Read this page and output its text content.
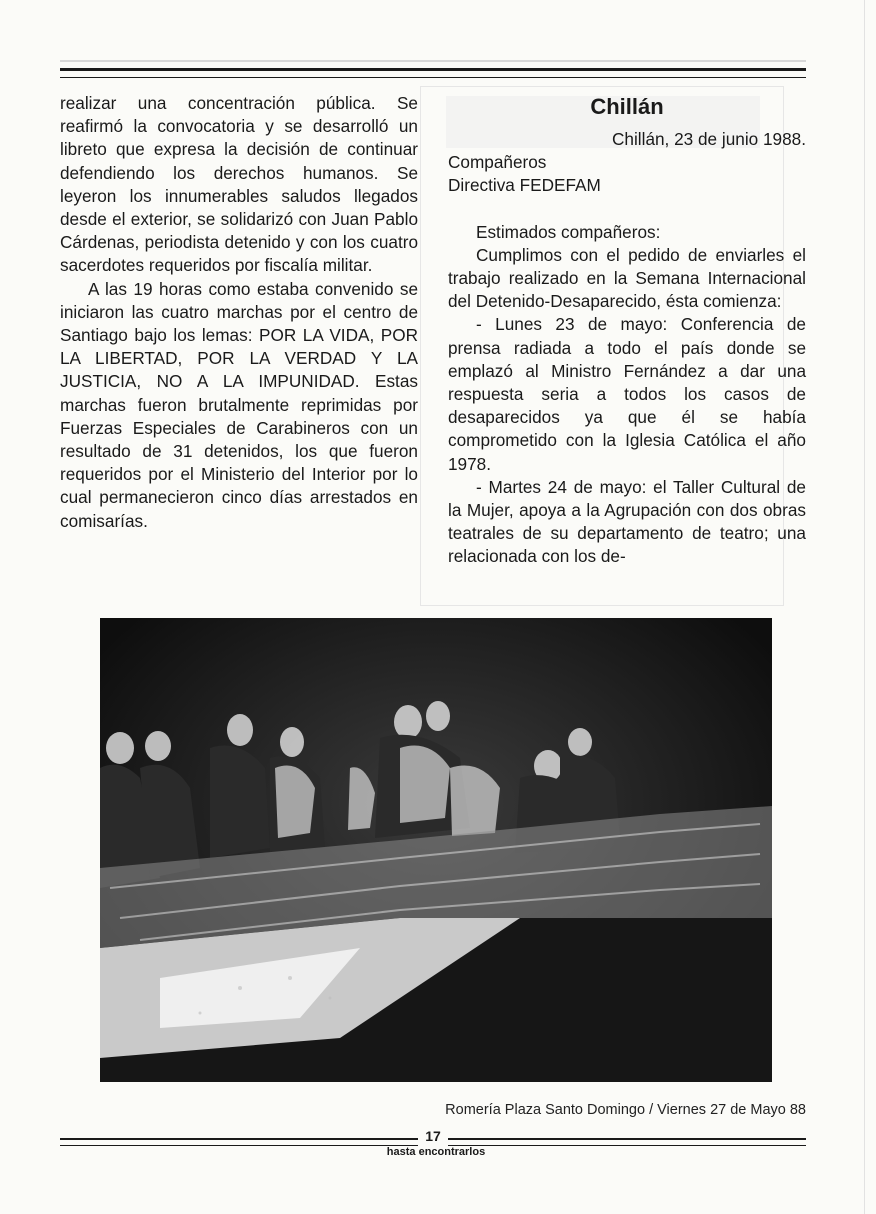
realizar una concentración pública. Se reafirmó la convocatoria y se desarrolló un libreto que expresa la decisión de continuar defendiendo los derechos humanos. Se leyeron los innumerables saludos llegados desde el exterior, se solidarizó con Juan Pablo Cárdenas, periodista detenido y con los cuatro sacerdotes requeridos por fiscalía militar.

A las 19 horas como estaba convenido se iniciaron las cuatro marchas por el centro de Santiago bajo los lemas: POR LA VIDA, POR LA LIBERTAD, POR LA VERDAD Y LA JUSTICIA, NO A LA IMPUNIDAD. Estas marchas fueron brutalmente reprimidas por Fuerzas Especiales de Carabineros con un resultado de 31 detenidos, los que fueron requeridos por el Ministerio del Interior por lo cual permanecieron cinco días arrestados en comisarías.

Chillán

Chillán, 23 de junio 1988.

Compañeros

Directiva FEDEFAM

Estimados compañeros:

Cumplimos con el pedido de enviarles el trabajo realizado en la Semana Internacional del Detenido-Desaparecido, ésta comienza:

- Lunes 23 de mayo: Conferencia de prensa radiada a todo el país donde se emplazó al Ministro Fernández a dar una respuesta seria a todos los casos de desaparecidos ya que él se había comprometido con la Iglesia Católica el año 1978.

- Martes 24 de mayo: el Taller Cultural de la Mujer, apoya a la Agrupación con dos obras teatrales de su departamento de teatro; una relacionada con los de-

Romería Plaza Santo Domingo / Viernes 27 de Mayo 88
17
hasta encontrarlos
